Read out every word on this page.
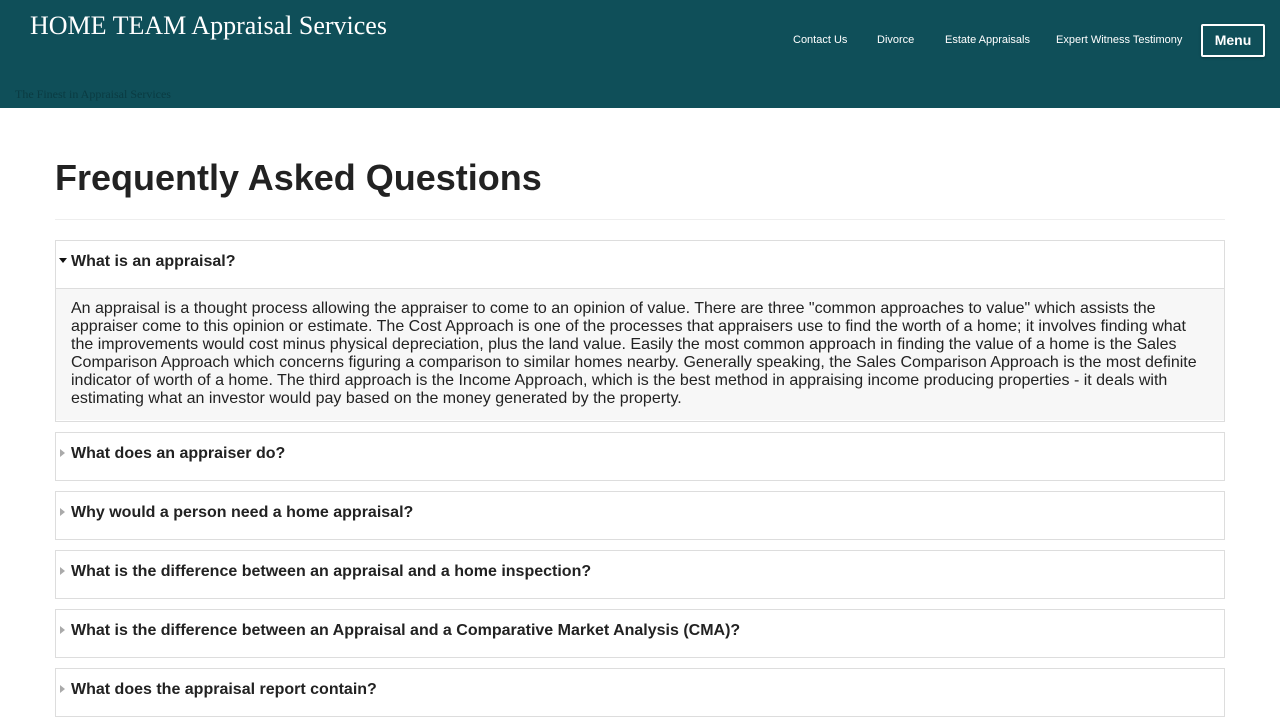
HOME TEAM Appraisal Services
The Finest in Appraisal Services
Contact Us	Divorce	Estate Appraisals Expert Witness Testimony	Menu
Frequently Asked Questions
What is an appraisal?
An appraisal is a thought process allowing the appraiser to come to an opinion of value. There are three "common approaches to value" which assists the appraiser come to this opinion or estimate. The Cost Approach is one of the processes that appraisers use to find the worth of a home; it involves finding what the improvements would cost minus physical depreciation, plus the land value. Easily the most common approach in finding the value of a home is the Sales Comparison Approach which concerns figuring a comparison to similar homes nearby. Generally speaking, the Sales Comparison Approach is the most definite indicator of worth of a home. The third approach is the Income Approach, which is the best method in appraising income producing properties - it deals with estimating what an investor would pay based on the money generated by the property.
What does an appraiser do?
Why would a person need a home appraisal?
What is the difference between an appraisal and a home inspection?
What is the difference between an Appraisal and a Comparative Market Analysis (CMA)?
What does the appraisal report contain?
